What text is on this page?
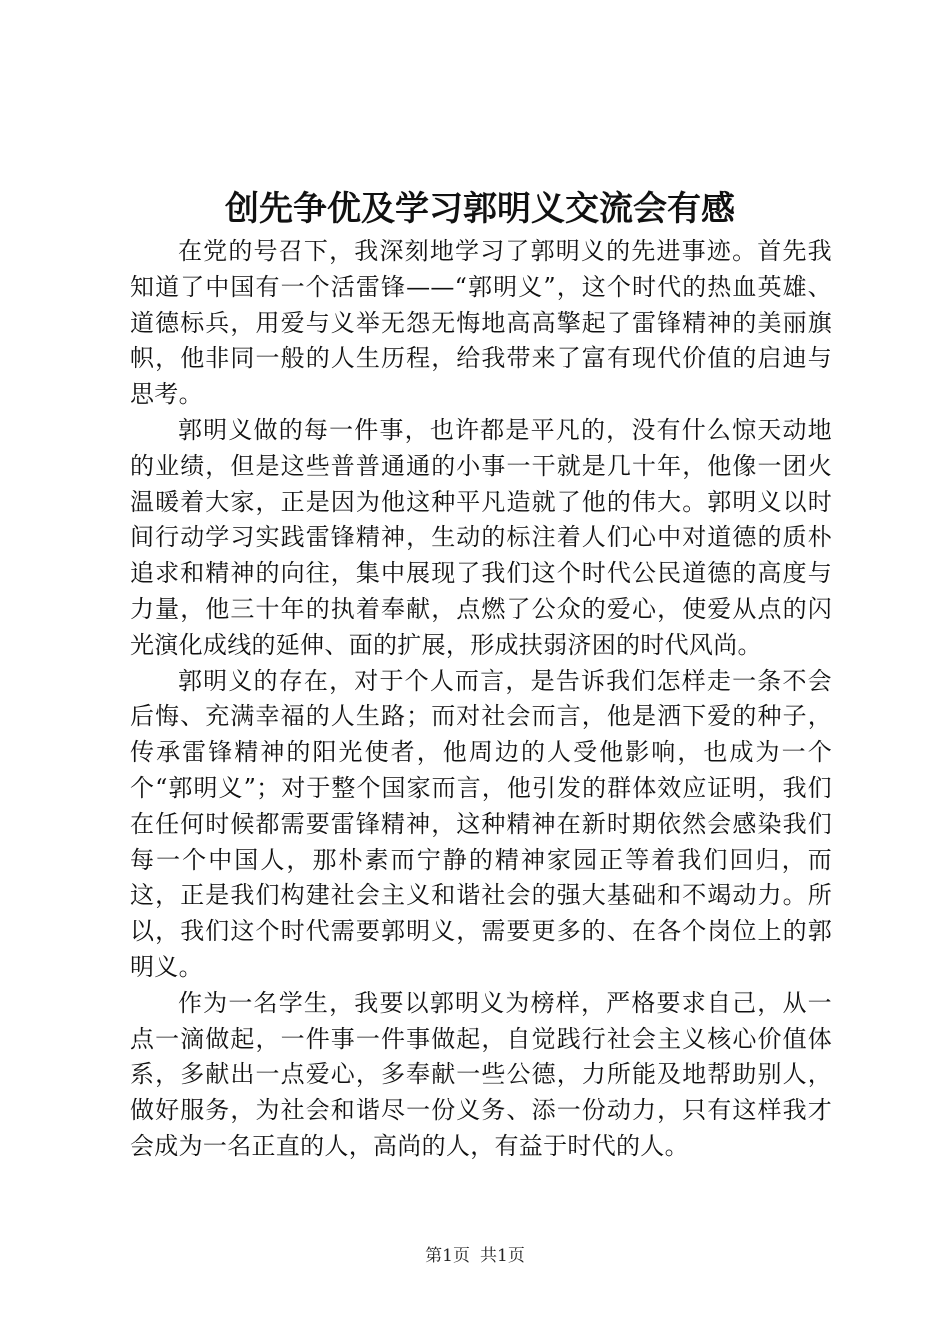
创先争优及学习郭明义交流会有感

在党的号召下，我深刻地学习了郭明义的先进事迹。首先我知道了中国有一个活雷锋——“郭明义”，这个时代的热血英雄、道德标兵，用爱与义举无怨无悔地高高擎起了雷锋精神的美丽旗帜，他非同一般的人生历程，给我带来了富有现代价值的启迪与思考。

郭明义做的每一件事，也许都是平凡的，没有什么惊天动地的业绩，但是这些普普通通的小事一干就是几十年，他像一团火温暖着大家，正是因为他这种平凡造就了他的伟大。郭明义以时间行动学习实践雷锋精神，生动的标注着人们心中对道德的质朴追求和精神的向往，集中展现了我们这个时代公民道德的高度与力量，他三十年的执着奉献，点燃了公众的爱心，使爱从点的闪光演化成线的延伸、面的扩展，形成扶弱济困的时代风尚。

郭明义的存在，对于个人而言，是告诉我们怎样走一条不会后悔、充满幸福的人生路；而对社会而言，他是洒下爱的种子，传承雷锋精神的阳光使者，他周边的人受他影响，也成为一个个“郭明义”；对于整个国家而言，他引发的群体效应证明，我们在任何时候都需要雷锋精神，这种精神在新时期依然会感染我们每一个中国人，那朴素而宁静的精神家园正等着我们回归，而这，正是我们构建社会主义和谐社会的强大基础和不竭动力。所以，我们这个时代需要郭明义，需要更多的、在各个岗位上的郭明义。

作为一名学生，我要以郭明义为榜样，严格要求自己，从一点一滴做起，一件事一件事做起，自觉践行社会主义核心价值体系，多献出一点爱心，多奉献一些公德，力所能及地帮助别人，做好服务，为社会和谐尽一份义务、添一份动力，只有这样我才会成为一名正直的人，高尚的人，有益于时代的人。

第1页 共1页
